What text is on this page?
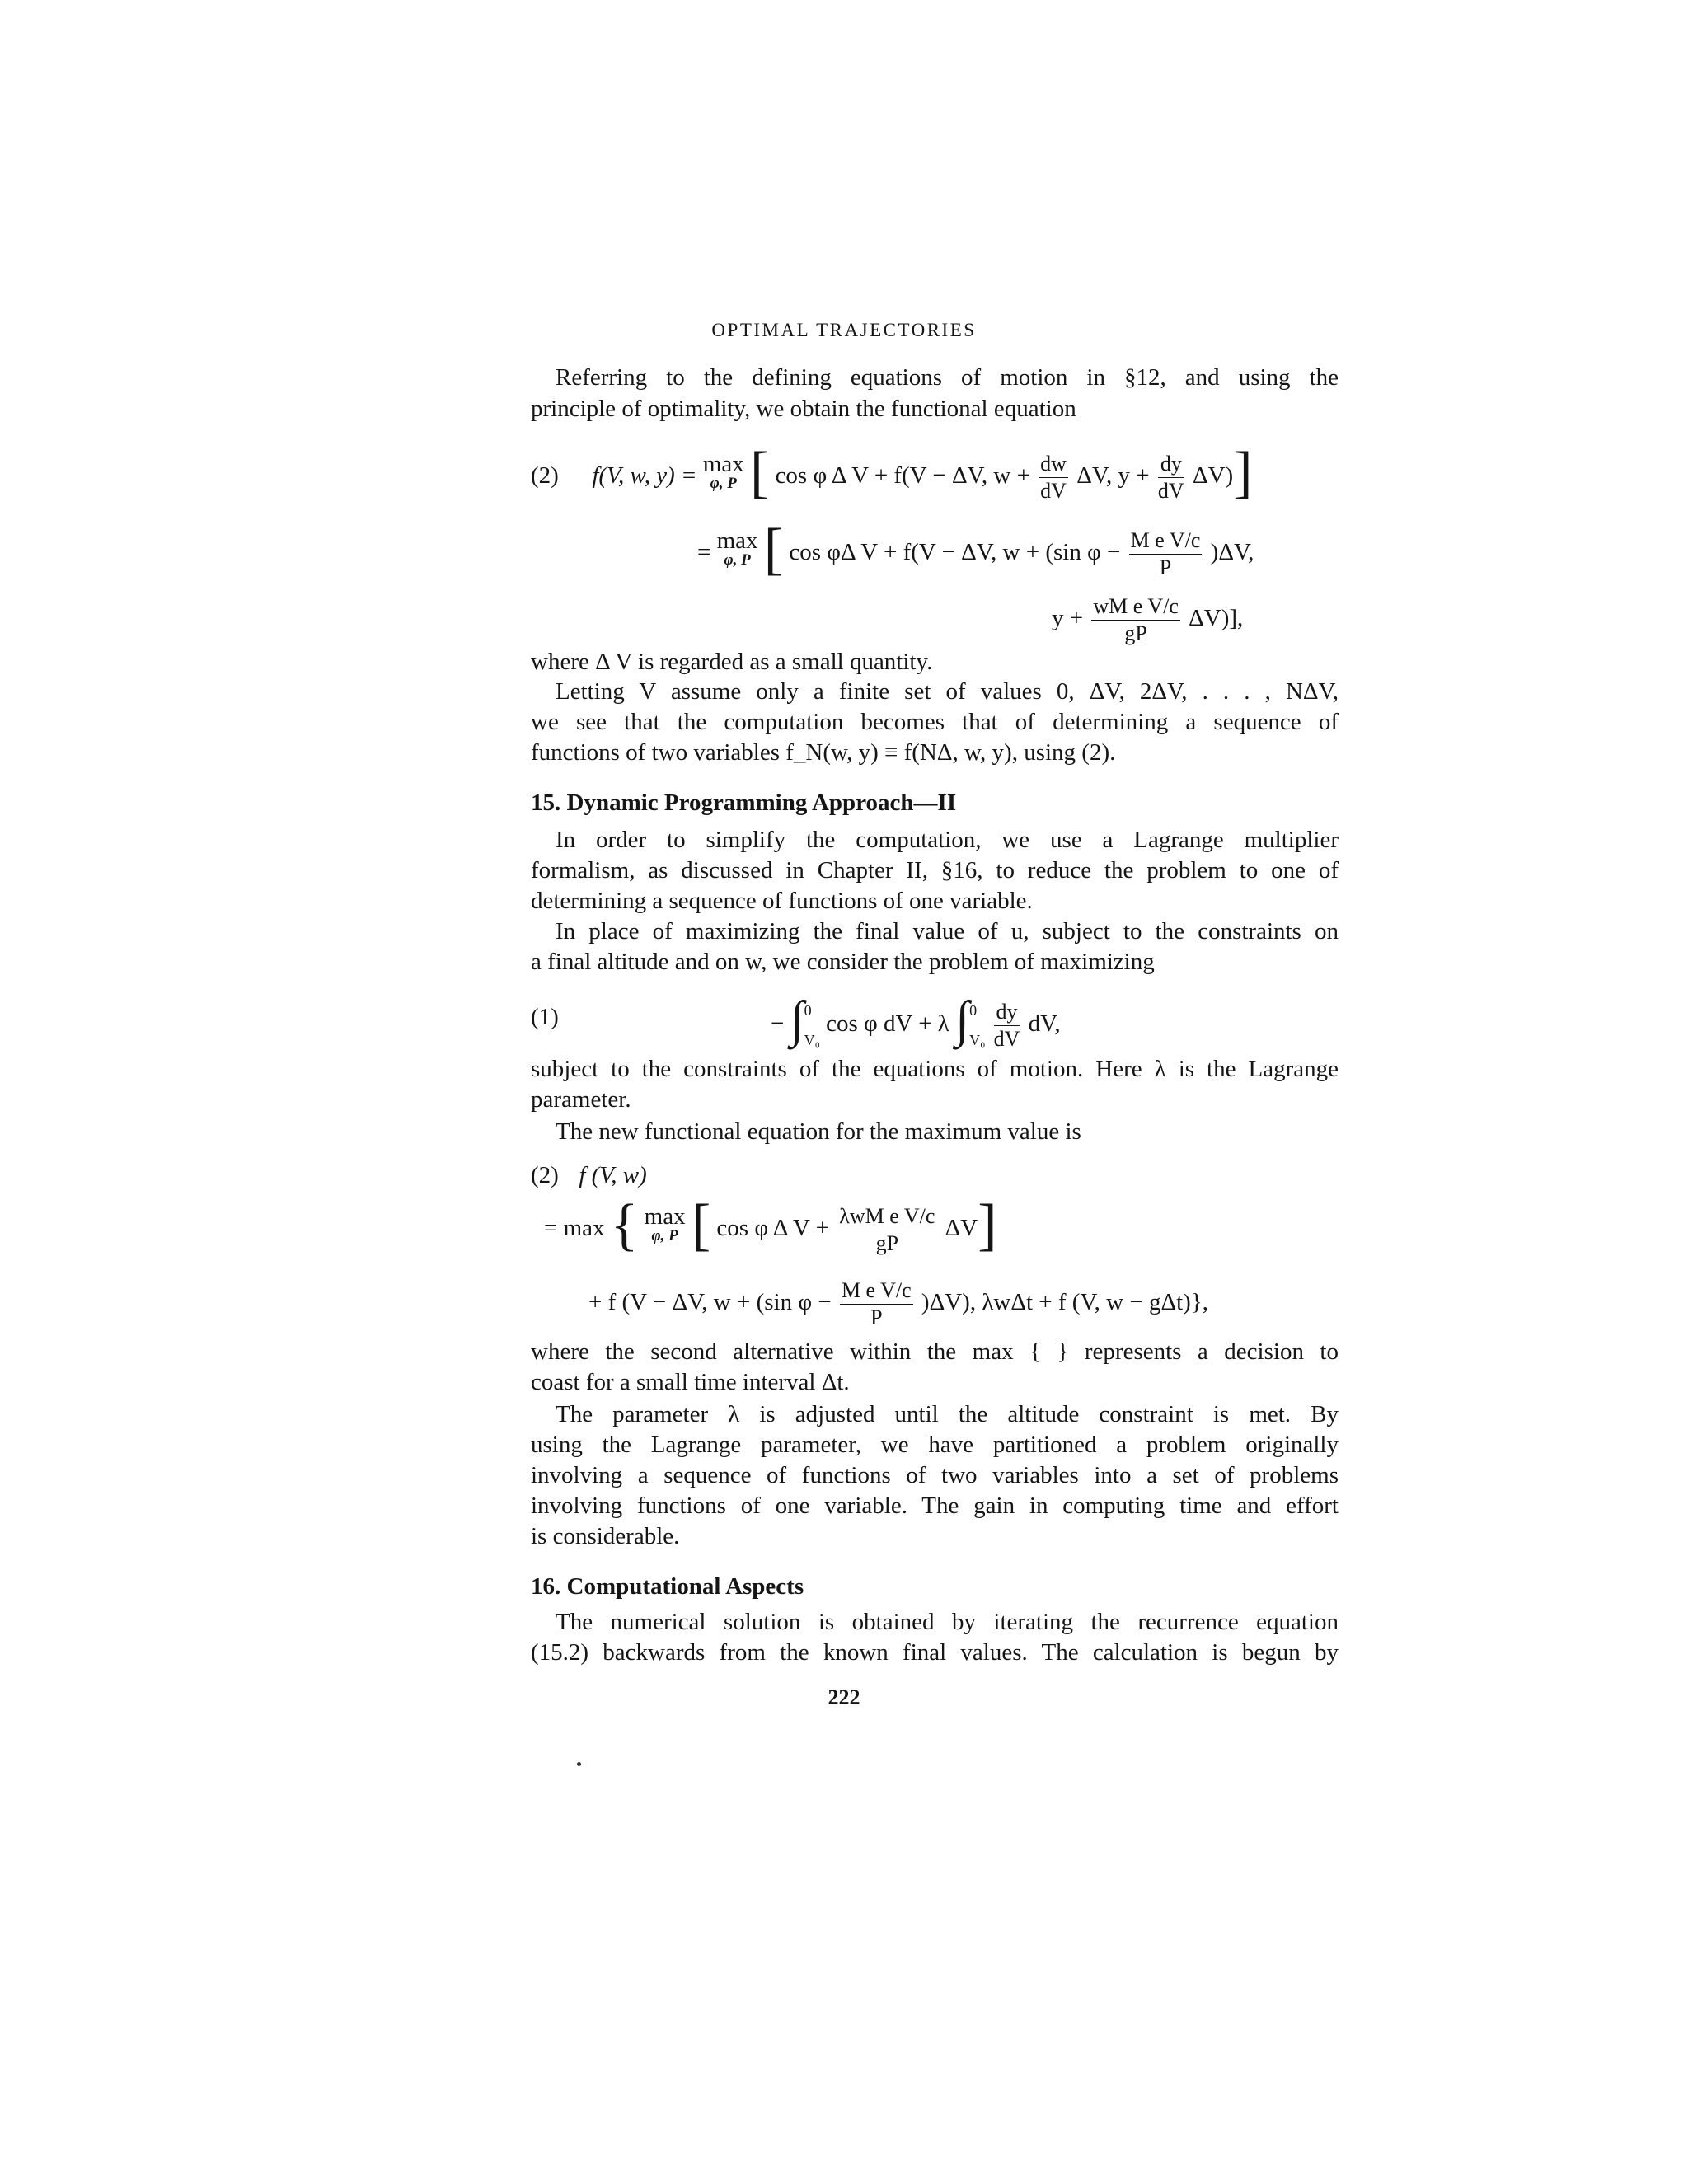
OPTIMAL TRAJECTORIES
Referring to the defining equations of motion in §12, and using the
principle of optimality, we obtain the functional equation
(2) f(V, w, y) = max
φ, P [ cos φ Δ V + f(V − ΔV, $w + \frac{dw}{dV} \Delta V$, $y + \frac{dy}{dV} \Delta V$)]
= max
φ, P [ cos φΔ V + f(V − ΔV, w + (sin $\varphi - \frac{\text{M e V/c}}{P} )\Delta V$,
$y + \frac{\text{wM e V/c}}{gP} \Delta V$)],
where Δ V is regarded as a small quantity.
Letting V assume only a finite set of values 0, ΔV, 2ΔV, . . . , NΔV,
we see that the computation becomes that of determining a sequence of
functions of two variables f_N(w, y) ≡ f(NΔ, w, y), using (2).
15. Dynamic Programming Approach—II
In order to simplify the computation, we use a Lagrange multiplier
formalism, as discussed in Chapter II, §16, to reduce the problem to one of
determining a sequence of functions of one variable.
In place of maximizing the final value of u, subject to the constraints on
a final altitude and on w, we consider the problem of maximizing
(1)	− ∫ 0
V₀
cos φ dV + λ ∫ 0
V₀
$\frac{dy}{dV}$ dV,
subject to the constraints of the equations of motion. Here λ is the Lagrange
parameter.
The new functional equation for the maximum value is
(2) f (V, w)
= max { max
φ, P [ cos φ Δ $V + \frac{\text{λwM e V/c}}{gP} \Delta V$]
+ f (V − ΔV, w + (sin $\varphi - \frac{\text{M e V/c}}{P} )\Delta V$), λwΔt + f (V, w − gΔt)},
where the second alternative within the max { } represents a decision to
coast for a small time interval Δt.
The parameter λ is adjusted until the altitude constraint is met. By
using the Lagrange parameter, we have partitioned a problem originally
involving a sequence of functions of two variables into a set of problems
involving functions of one variable. The gain in computing time and effort
is considerable.
16. Computational Aspects
The numerical solution is obtained by iterating the recurrence equation
(15.2) backwards from the known final values. The calculation is begun by
222
